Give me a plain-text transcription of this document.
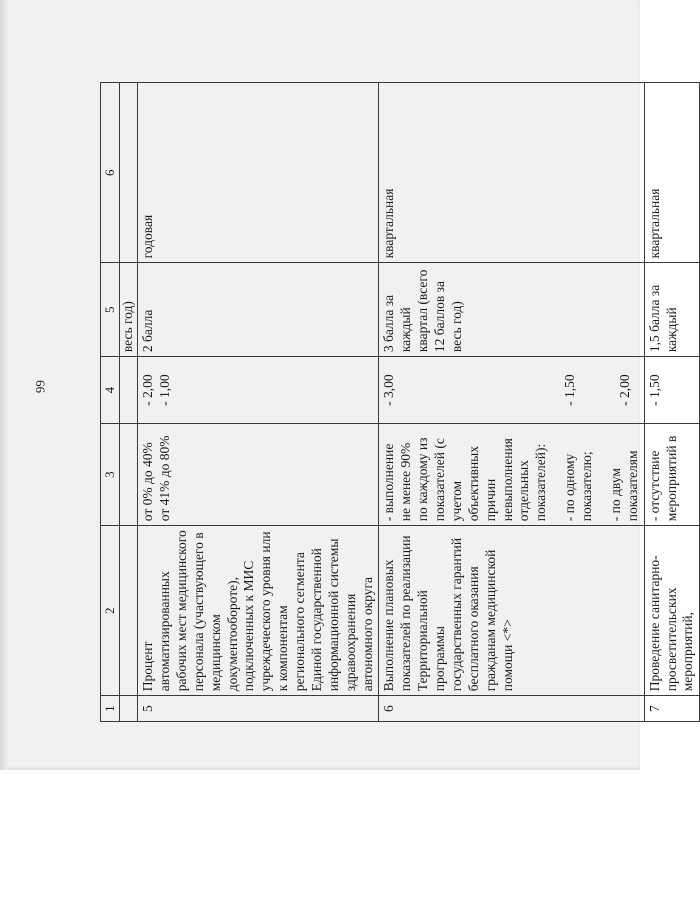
66
1	2	3	4	5	6
				весь год)	
5	Процент автоматизированных рабочих мест медицинского персонала (участвующего в медицинском документообороте), подключенных к МИС учреждеческого уровня или к компонентам регионального сегмента Единой государственной информационной системы здравоохранения автономного округа	от 0% до 40% от 41% до 80%	- 2,00 - 1,00	2 балла	годовая
6	Выполнение плановых показателей по реализации Территориальной программы государственных гарантий бесплатного оказания гражданам медицинской помощи <*>	- выполнение не менее 90% по каждому из показателей (с учетом объективных причин невыполнения отдельных показателей): - по одному показателю; - по двум показателям	- 3,00 - 1,50 - 2,00	3 балла за каждый квартал (всего 12 баллов за весь год)	квартальная
7	Проведение санитарно-просветительских мероприятий,	- отсутствие мероприятий в	- 1,50	1,5 балла за каждый	квартальная
